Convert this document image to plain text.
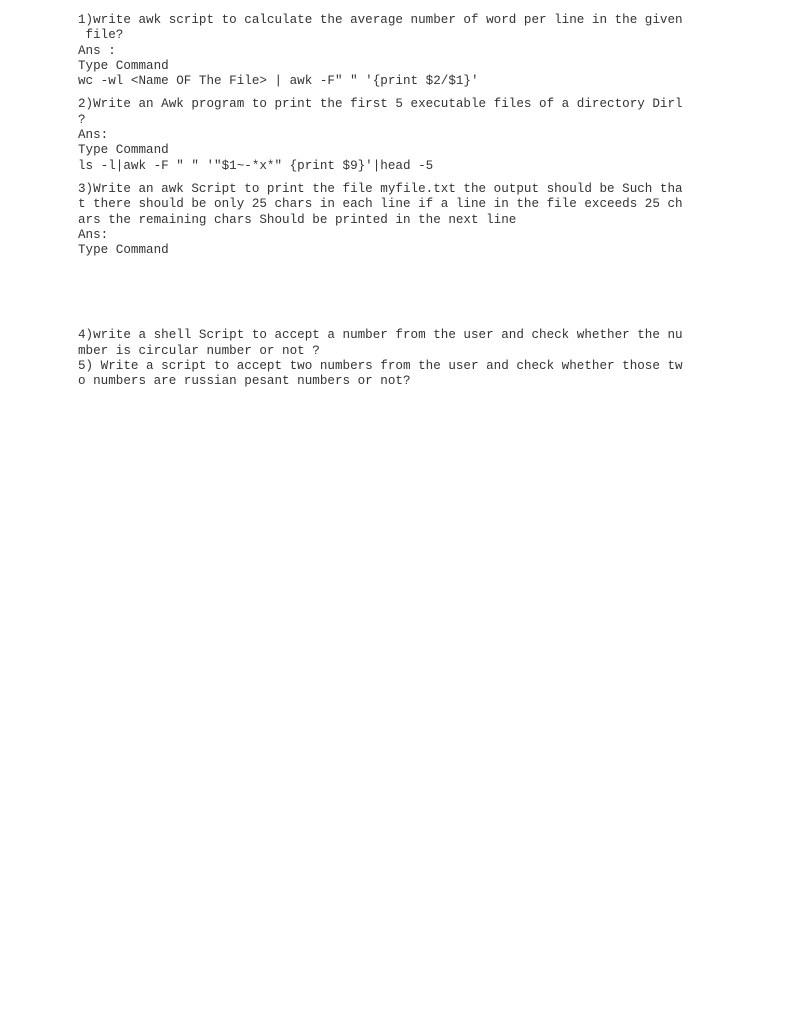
1)write awk script to calculate the average number of word per line in the given
file?
Ans :
Type Command
wc -wl <Name OF The File> | awk -F" " '{print $2/$1}'
2)Write an Awk program to print the first 5 executable files of a directory Dirl
?
Ans:
Type Command
ls -l|awk -F " " '"$1~-*x*" {print $9}'|head -5
3)Write an awk Script to print the file myfile.txt the output should be Such tha
t there should be only 25 chars in each line if a line in the file exceeds 25 ch
ars the remaining chars Should be printed in the next line
Ans:
Type Command
4)write a shell Script to accept a number from the user and check whether the nu
mber is circular number or not ?
5) Write a script to accept two numbers from the user and check whether those tw
o numbers are russian pesant numbers or not?
